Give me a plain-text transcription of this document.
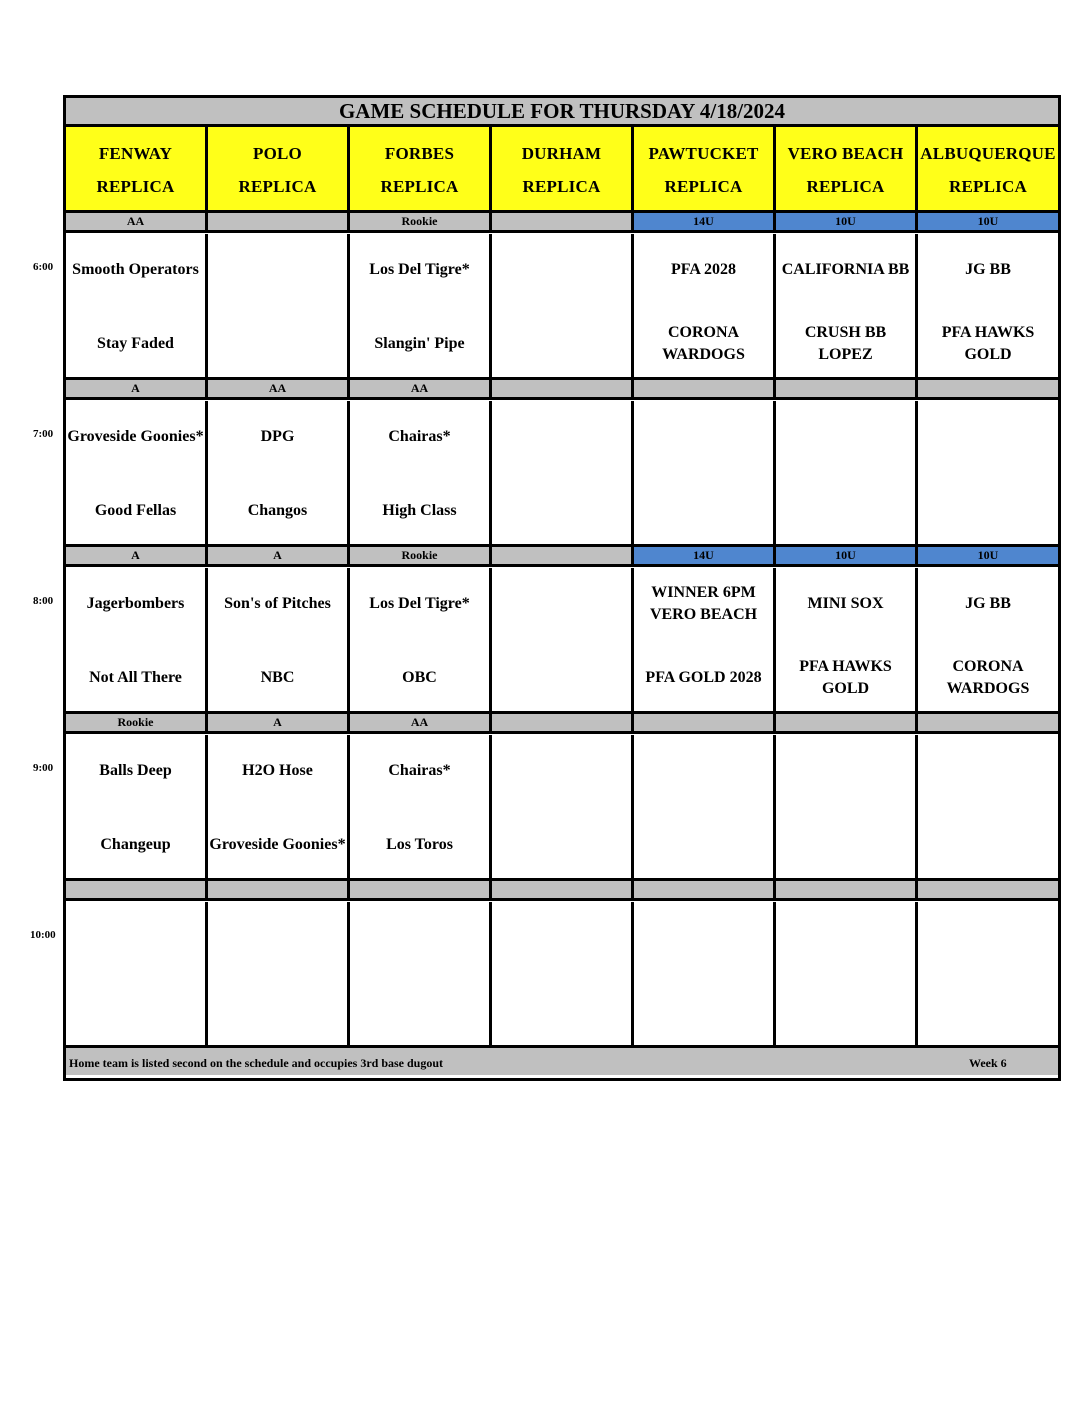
GAME SCHEDULE FOR THURSDAY 4/18/2024
FENWAY
REPLICA
POLO
REPLICA
FORBES
REPLICA
DURHAM
REPLICA
PAWTUCKET
REPLICA
VERO BEACH
REPLICA
ALBUQUERQUE
REPLICA
AA
Smooth Operators
Stay Faded
Rookie
Los Del Tigre*
Slangin' Pipe
14U
PFA 2028
CORONA WARDOGS
10U
CALIFORNIA BB
CRUSH BB LOPEZ
10U
JG BB
PFA HAWKS GOLD
A
Groveside Goonies*
Good Fellas
AA
DPG
Changos
AA
Chairas*
High Class
A
Jagerbombers
Not All There
A
Son's of Pitches
NBC
Rookie
Los Del Tigre*
OBC
14U
WINNER 6PM VERO BEACH
PFA GOLD 2028
10U
MINI SOX
PFA HAWKS GOLD
10U
JG BB
CORONA WARDOGS
Rookie
Balls Deep
Changeup
A
H2O Hose
Groveside Goonies*
AA
Chairas*
Los Toros
Home team is listed second on the schedule and occupies 3rd base dugout	Week 6
6:00
7:00
8:00
9:00
10:00
